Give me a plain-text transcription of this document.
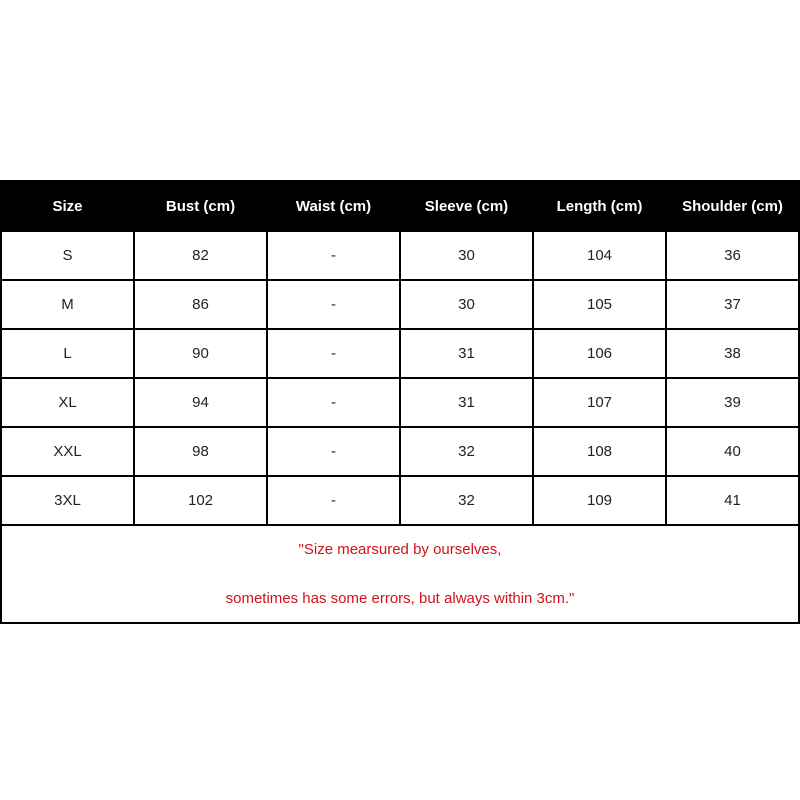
Size	Bust (cm)	Waist (cm)	Sleeve (cm)	Length (cm)	Shoulder (cm)
S	82	-	30	104	36
M	86	-	30	105	37
L	90	-	31	106	38
XL	94	-	31	107	39
XXL	98	-	32	108	40
3XL	102	-	32	109	41

"Size mearsured by ourselves,
sometimes has some errors, but always within 3cm."					
